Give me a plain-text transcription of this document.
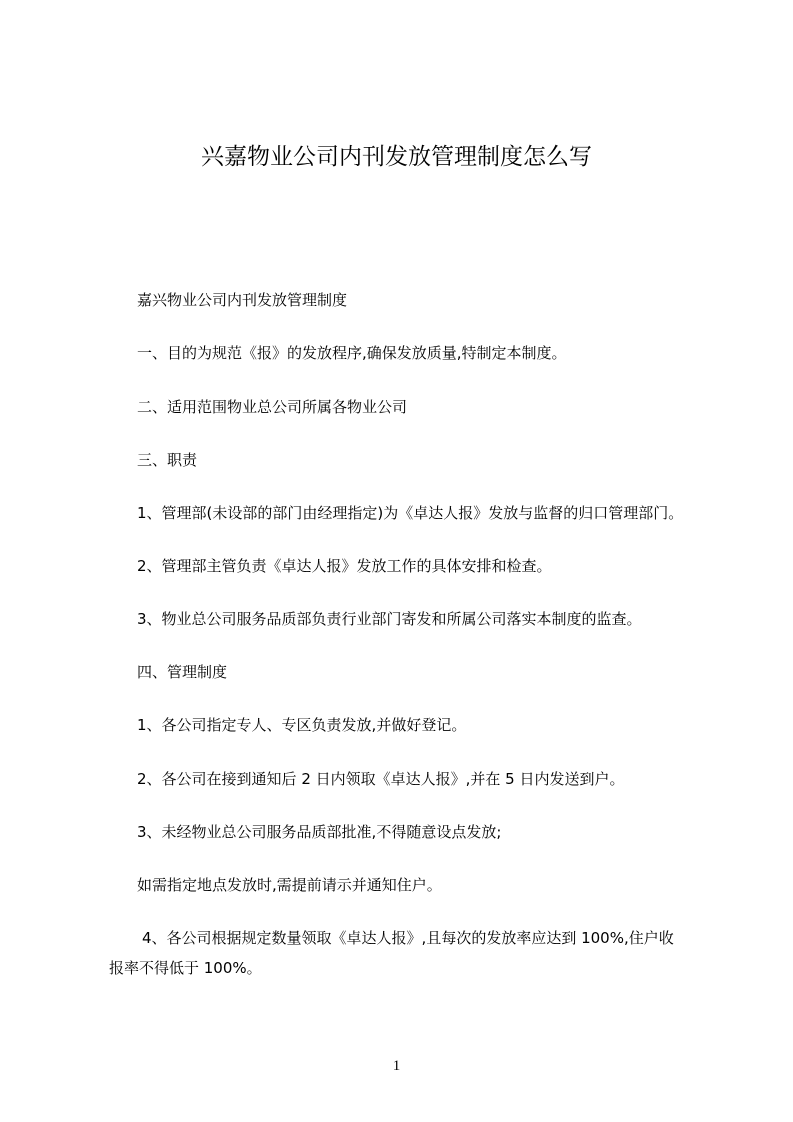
兴嘉物业公司内刊发放管理制度怎么写
嘉兴物业公司内刊发放管理制度
一、目的为规范《报》的发放程序,确保发放质量,特制定本制度。
二、适用范围物业总公司所属各物业公司
三、职责
1、管理部(未设部的部门由经理指定)为《卓达人报》发放与监督的归口管理部门。
2、管理部主管负责《卓达人报》发放工作的具体安排和检查。
3、物业总公司服务品质部负责行业部门寄发和所属公司落实本制度的监查。
四、管理制度
1、各公司指定专人、专区负责发放,并做好登记。
2、各公司在接到通知后 2 日内领取《卓达人报》,并在 5 日内发送到户。
3、未经物业总公司服务品质部批准,不得随意设点发放;
如需指定地点发放时,需提前请示并通知住户。
4、各公司根据规定数量领取《卓达人报》,且每次的发放率应达到 100%,住户收
报率不得低于 100%。
1
